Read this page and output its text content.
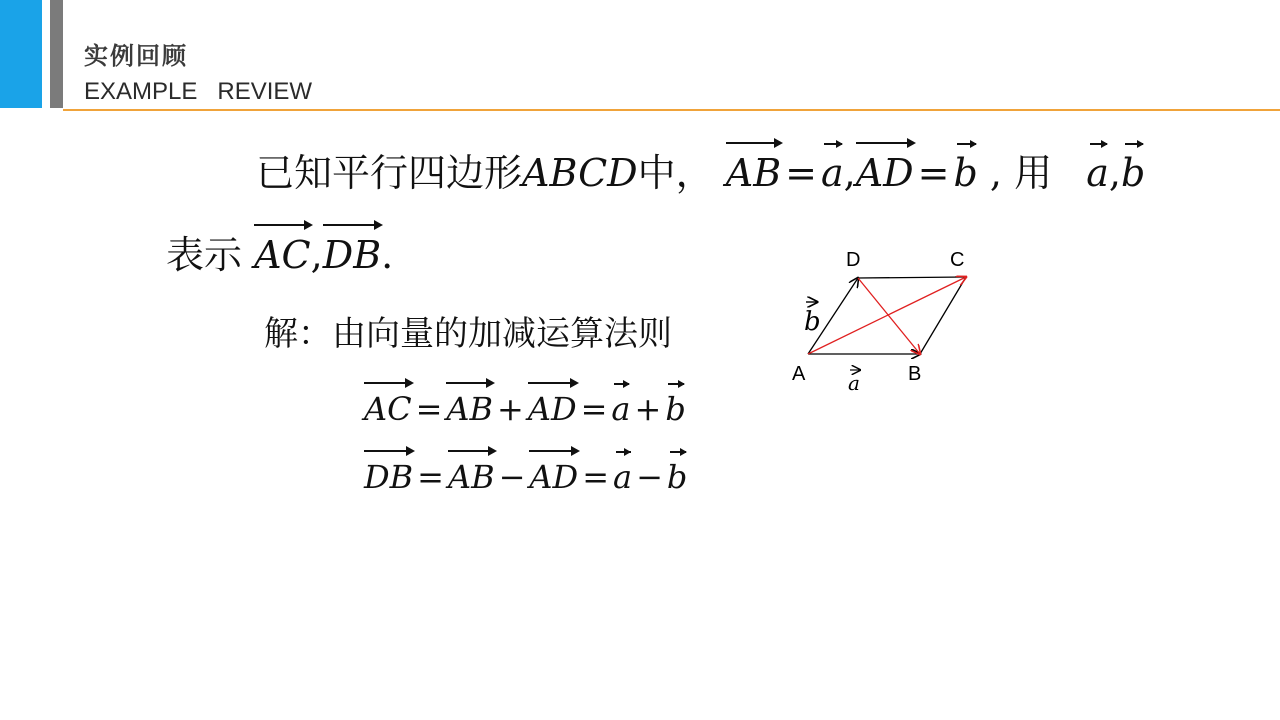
实例回顾
EXAMPLE   REVIEW
已知平行四边形ABCD中， AB = a,AD = b , 用 a,b
表示 AC,DB.
解：由向量的加减运算法则
AC = AB + AD = a + b
DB = AB − AD = a − b
D	C
A	B
b
a
